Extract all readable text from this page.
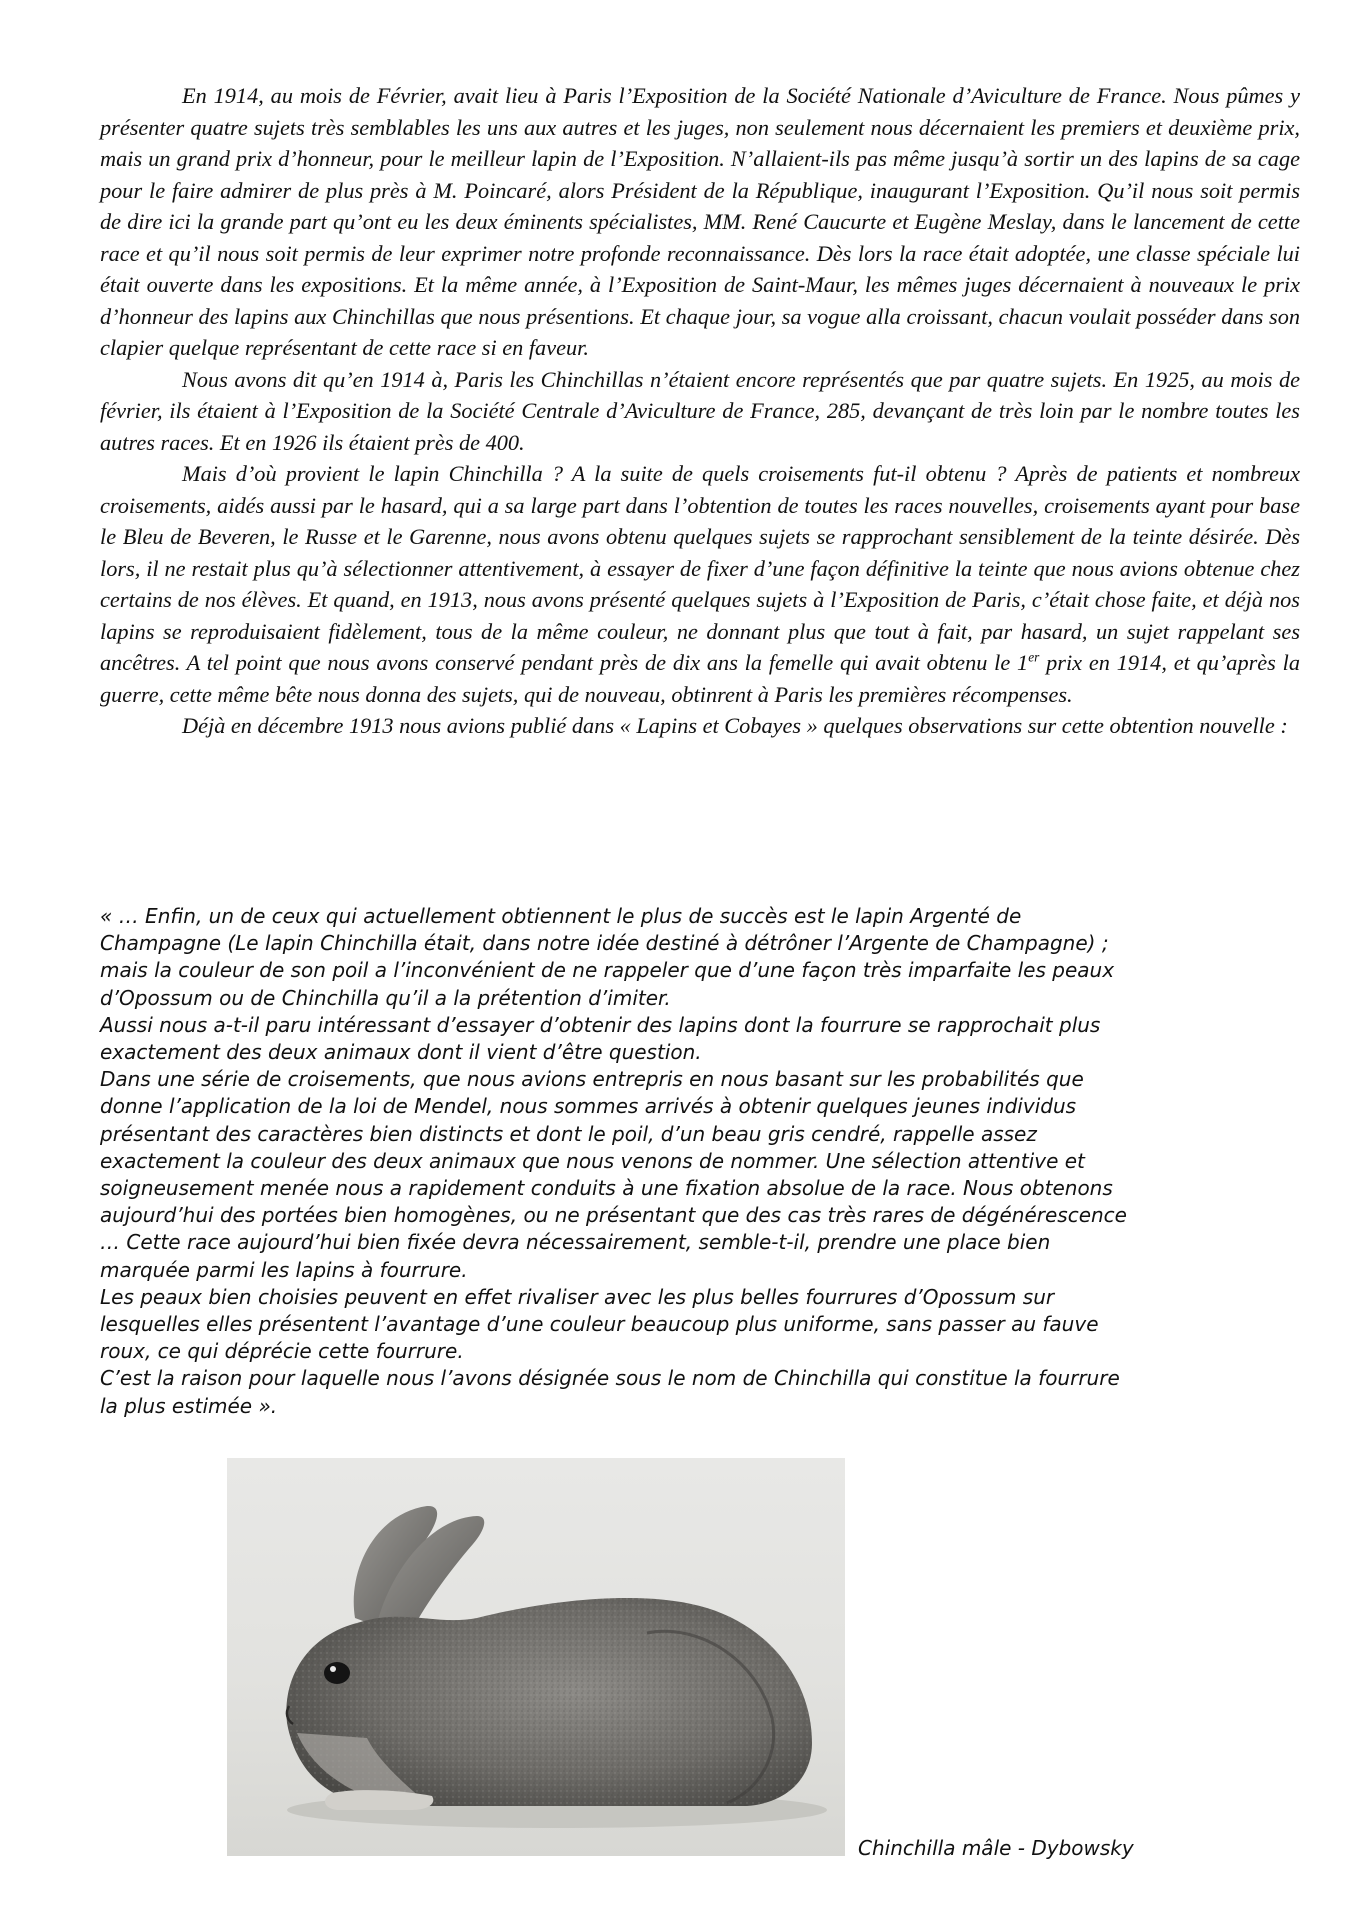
En 1914, au mois de Février, avait lieu à Paris l’Exposition de la Société Nationale d’Aviculture de France. Nous pûmes y présenter quatre sujets très semblables les uns aux autres et les juges, non seulement nous décernaient les premiers et deuxième prix, mais un grand prix d’honneur, pour le meilleur lapin de l’Exposition. N’allaient-ils pas même jusqu’à sortir un des lapins de sa cage pour le faire admirer de plus près à M. Poincaré, alors Président de la République, inaugurant l’Exposition. Qu’il nous soit permis de dire ici la grande part qu’ont eu les deux éminents spécialistes, MM. René Caucurte et Eugène Meslay, dans le lancement de cette race et qu’il nous soit permis de leur exprimer notre profonde reconnaissance. Dès lors la race était adoptée, une classe spéciale lui était ouverte dans les expositions. Et la même année, à l’Exposition de Saint-Maur, les mêmes juges décernaient à nouveaux le prix d’honneur des lapins aux Chinchillas que nous présentions. Et chaque jour, sa vogue alla croissant, chacun voulait posséder dans son clapier quelque représentant de cette race si en faveur.

Nous avons dit qu’en 1914 à, Paris les Chinchillas n’étaient encore représentés que par quatre sujets. En 1925, au mois de février, ils étaient à l’Exposition de la Société Centrale d’Aviculture de France, 285, devançant de très loin par le nombre toutes les autres races. Et en 1926 ils étaient près de 400.

Mais d’où provient le lapin Chinchilla ? A la suite de quels croisements fut-il obtenu ? Après de patients et nombreux croisements, aidés aussi par le hasard, qui a sa large part dans l’obtention de toutes les races nouvelles, croisements ayant pour base le Bleu de Beveren, le Russe et le Garenne, nous avons obtenu quelques sujets se rapprochant sensiblement de la teinte désirée. Dès lors, il ne restait plus qu’à sélectionner attentivement, à essayer de fixer d’une façon définitive la teinte que nous avions obtenue chez certains de nos élèves. Et quand, en 1913, nous avons présenté quelques sujets à l’Exposition de Paris, c’était chose faite, et déjà nos lapins se reproduisaient fidèlement, tous de la même couleur, ne donnant plus que tout à fait, par hasard, un sujet rappelant ses ancêtres. A tel point que nous avons conservé pendant près de dix ans la femelle qui avait obtenu le 1er prix en 1914, et qu’après la guerre, cette même bête nous donna des sujets, qui de nouveau, obtinrent à Paris les premières récompenses.

Déjà en décembre 1913 nous avions publié dans « Lapins et Cobayes » quelques observations sur cette obtention nouvelle :

« … Enfin, un de ceux qui actuellement obtiennent le plus de succès est le lapin Argenté de

Champagne (Le lapin Chinchilla était, dans notre idée destiné à détrôner l’Argente de Champagne) ;

mais la couleur de son poil a l’inconvénient de ne rappeler que d’une façon très imparfaite les peaux

d’Opossum ou de Chinchilla qu’il a la prétention d’imiter.

Aussi nous a-t-il paru intéressant d’essayer d’obtenir des lapins dont la fourrure se rapprochait plus

exactement des deux animaux dont il vient d’être question.

Dans une série de croisements, que nous avions entrepris en nous basant sur les probabilités que

donne l’application de la loi de Mendel, nous sommes arrivés à obtenir quelques jeunes individus

présentant des caractères bien distincts et dont le poil, d’un beau gris cendré, rappelle assez

exactement la couleur des deux animaux que nous venons de nommer. Une sélection attentive et

soigneusement menée nous a rapidement conduits à une fixation absolue de la race. Nous obtenons

aujourd’hui des portées bien homogènes, ou ne présentant que des cas très rares de dégénérescence

… Cette race aujourd’hui bien fixée devra nécessairement, semble-t-il, prendre une place bien

marquée parmi les lapins à fourrure.

Les peaux bien choisies peuvent en effet rivaliser avec les plus belles fourrures d’Opossum sur

lesquelles elles présentent l’avantage d’une couleur beaucoup plus uniforme, sans passer au fauve

roux, ce qui déprécie cette fourrure.

C’est la raison pour laquelle nous l’avons désignée sous le nom de Chinchilla qui constitue la fourrure

la plus estimée ».

Chinchilla mâle - Dybowsky
